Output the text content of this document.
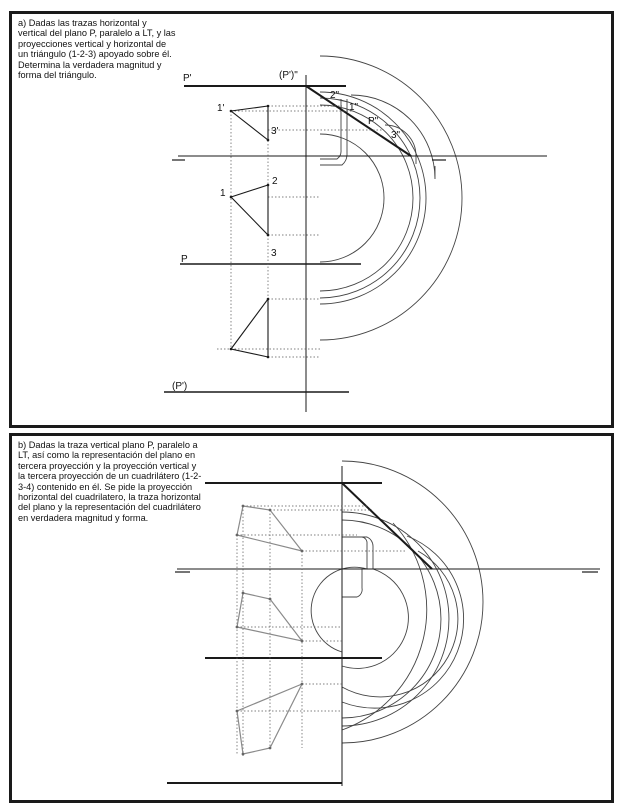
a) Dadas las trazas horizontal y vertical del plano P, paralelo a LT, y las proyecciones vertical y horizontal de un triángulo (1-2-3) apoyado sobre él. Determina la verdadera magnitud y forma del triángulo.	P'	(P')"
P"
P
(P')
1'
3'
1
2
3
1"
2"
3"

b) Dadas la traza vertical plano P, paralelo a LT, así como la representación del plano en tercera proyección y la proyección vertical y la tercera proyección de un cuadrilátero (1-2-3-4) contenido en él. Se pide la proyección horizontal del cuadrilatero, la traza horizontal del plano y la representación del cuadrilátero en verdadera magnitud y forma.
